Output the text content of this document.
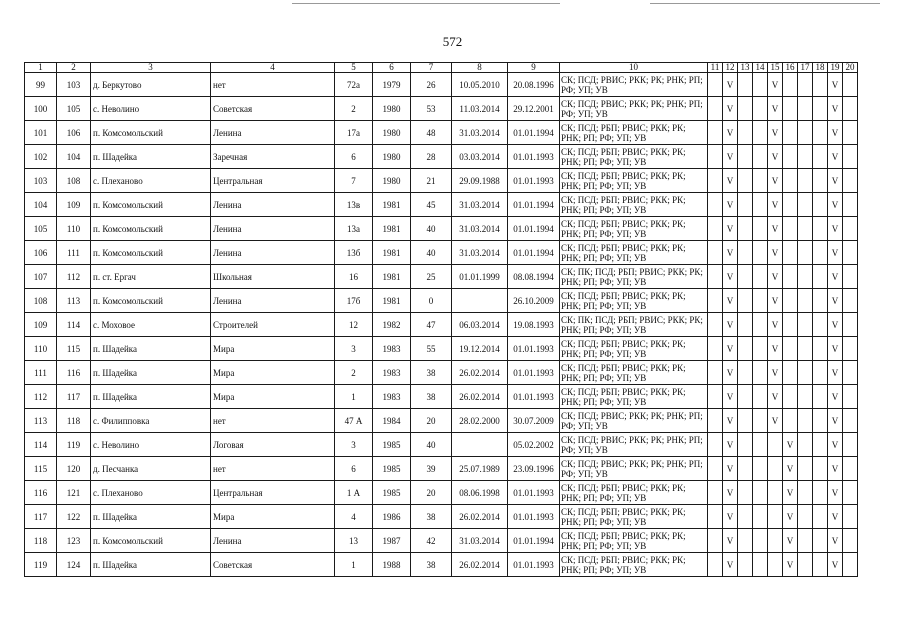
572
1	2	3	4	5	6	7	8	9	10	11	12	13	14	15	16	17	18	19	20
99	103	д. Беркутово	нет	72а	1979	26	10.05.2010	20.08.1996	СК; ПСД; РВИС; РКК; РК; РНК; РП; РФ; УП; УВ		V			V				V	
100	105	с. Неволино	Советская	2	1980	53	11.03.2014	29.12.2001	СК; ПСД; РВИС; РКК; РК; РНК; РП; РФ; УП; УВ		V			V				V	
101	106	п. Комсомольский	Ленина	17а	1980	48	31.03.2014	01.01.1994	СК; ПСД; РБП; РВИС; РКК; РК; РНК; РП; РФ; УП; УВ		V			V				V	
102	104	п. Шадейка	Заречная	6	1980	28	03.03.2014	01.01.1993	СК; ПСД; РБП; РВИС; РКК; РК; РНК; РП; РФ; УП; УВ		V			V				V	
103	108	с. Плеханово	Центральная	7	1980	21	29.09.1988	01.01.1993	СК; ПСД; РБП; РВИС; РКК; РК; РНК; РП; РФ; УП; УВ		V			V				V	
104	109	п. Комсомольский	Ленина	13в	1981	45	31.03.2014	01.01.1994	СК; ПСД; РБП; РВИС; РКК; РК; РНК; РП; РФ; УП; УВ		V			V				V	
105	110	п. Комсомольский	Ленина	13а	1981	40	31.03.2014	01.01.1994	СК; ПСД; РБП; РВИС; РКК; РК; РНК; РП; РФ; УП; УВ		V			V				V	
106	111	п. Комсомольский	Ленина	13б	1981	40	31.03.2014	01.01.1994	СК; ПСД; РБП; РВИС; РКК; РК; РНК; РП; РФ; УП; УВ		V			V				V	
107	112	п. ст. Ергач	Школьная	16	1981	25	01.01.1999	08.08.1994	СК; ПК; ПСД; РБП; РВИС; РКК; РК; РНК; РП; РФ; УП; УВ		V			V				V	
108	113	п. Комсомольский	Ленина	17б	1981	0		26.10.2009	СК; ПСД; РБП; РВИС; РКК; РК; РНК; РП; РФ; УП; УВ		V			V				V	
109	114	с. Моховое	Строителей	12	1982	47	06.03.2014	19.08.1993	СК; ПК; ПСД; РБП; РВИС; РКК; РК; РНК; РП; РФ; УП; УВ		V			V				V	
110	115	п. Шадейка	Мира	3	1983	55	19.12.2014	01.01.1993	СК; ПСД; РБП; РВИС; РКК; РК; РНК; РП; РФ; УП; УВ		V			V				V	
111	116	п. Шадейка	Мира	2	1983	38	26.02.2014	01.01.1993	СК; ПСД; РБП; РВИС; РКК; РК; РНК; РП; РФ; УП; УВ		V			V				V	
112	117	п. Шадейка	Мира	1	1983	38	26.02.2014	01.01.1993	СК; ПСД; РБП; РВИС; РКК; РК; РНК; РП; РФ; УП; УВ		V			V				V	
113	118	с. Филипповка	нет	47 А	1984	20	28.02.2000	30.07.2009	СК; ПСД; РВИС; РКК; РК; РНК; РП; РФ; УП; УВ		V			V				V	
114	119	с. Неволино	Логовая	3	1985	40		05.02.2002	СК; ПСД; РВИС; РКК; РК; РНК; РП; РФ; УП; УВ		V				V			V	
115	120	д. Песчанка	нет	6	1985	39	25.07.1989	23.09.1996	СК; ПСД; РВИС; РКК; РК; РНК; РП; РФ; УП; УВ		V				V			V	
116	121	с. Плеханово	Центральная	1 А	1985	20	08.06.1998	01.01.1993	СК; ПСД; РБП; РВИС; РКК; РК; РНК; РП; РФ; УП; УВ		V				V			V	
117	122	п. Шадейка	Мира	4	1986	38	26.02.2014	01.01.1993	СК; ПСД; РБП; РВИС; РКК; РК; РНК; РП; РФ; УП; УВ		V				V			V	
118	123	п. Комсомольский	Ленина	13	1987	42	31.03.2014	01.01.1994	СК; ПСД; РБП; РВИС; РКК; РК; РНК; РП; РФ; УП; УВ		V				V			V	
119	124	п. Шадейка	Советская	1	1988	38	26.02.2014	01.01.1993	СК; ПСД; РБП; РВИС; РКК; РК; РНК; РП; РФ; УП; УВ		V				V			V	
